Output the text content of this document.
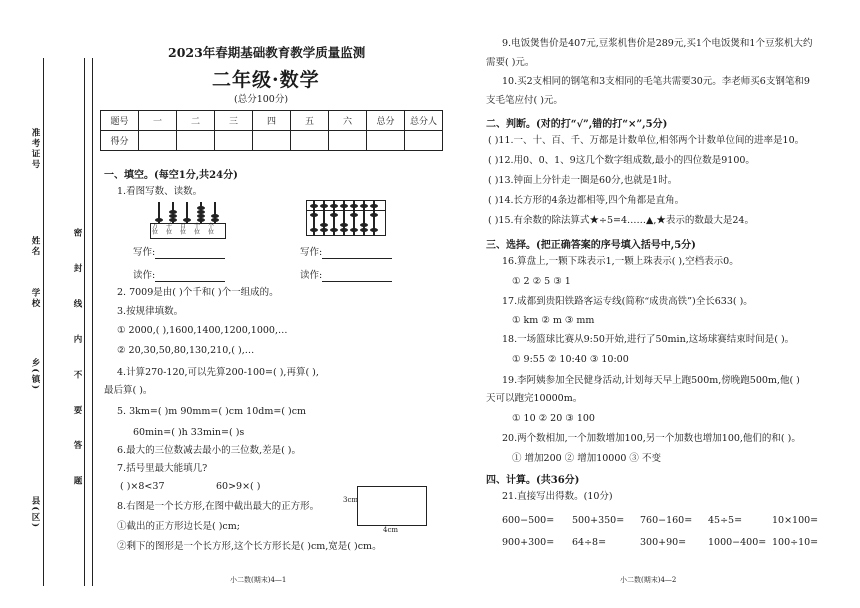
准考证号
姓名
学校
乡(镇)
县(区)
密 封 线 内 不 要 答 题
2023年春期基础教育教学质量监测
二年级·数学
(总分100分)
题号	一	二	三	四	五	六	总分	总分人
得分								
一、填空。(每空1分,共24分)
1.看图写数、读数。
万位
千位
百位
十位
个位
写作:	写作:
读作:	读作:
2. 7009是由( )个千和( )个一组成的。
3.按规律填数。
① 2000,( ),1600,1400,1200,1000,…
② 20,30,50,80,130,210,( ),…
4.计算270-120,可以先算200-100=( ),再算( ),
最后算( )。
5. 3km=( )m 90mm=( )cm 10dm=( )cm
60min=( )h 33min=( )s
6.最大的三位数减去最小的三位数,差是( )。
7.括号里最大能填几?
( )×8<37	60>9×( )
8.右图是一个长方形,在图中截出最大的正方形。
①截出的正方形边长是( )cm;
②剩下的图形是一个长方形,这个长方形长是( )cm,宽是( )cm。
3cm
4cm
小二数(期末)4—1
9.电饭煲售价是407元,豆浆机售价是289元,买1个电饭煲和1个豆浆机大约
需要( )元。
10.买2支相同的钢笔和3支相同的毛笔共需要30元。李老师买6支钢笔和9
支毛笔应付( )元。
二、判断。(对的打“√”,错的打“×”,5分)
( )11.一、十、百、千、万都是计数单位,相邻两个计数单位间的进率是10。
( )12.用0、0、1、9这几个数字组成数,最小的四位数是9100。
( )13.钟面上分针走一圈是60分,也就是1时。
( )14.长方形的4条边都相等,四个角都是直角。
( )15.有余数的除法算式★÷5=4……▲,★表示的数最大是24。
三、选择。(把正确答案的序号填入括号中,5分)
16.算盘上,一颗下珠表示1,一颗上珠表示( ),空档表示0。
① 2 ② 5 ③ 1
17.成都到贵阳铁路客运专线(简称“成贵高铁”)全长633( )。
① km ② m ③ mm
18.一场篮球比赛从9:50开始,进行了50min,这场球赛结束时间是( )。
① 9:55 ② 10:40 ③ 10:00
19.李阿姨参加全民健身活动,计划每天早上跑500m,傍晚跑500m,他( )
天可以跑完10000m。
① 10 ② 20 ③ 100
20.两个数相加,一个加数增加100,另一个加数也增加100,他们的和( )。
① 增加200 ② 增加10000 ③ 不变
四、计算。(共36分)
21.直接写出得数。(10分)
600−500= 500+350= 760−160= 45÷5=	10×100=
900+300= 64÷8=	300+90= 1000−400= 100÷10=
小二数(期末)4—2
